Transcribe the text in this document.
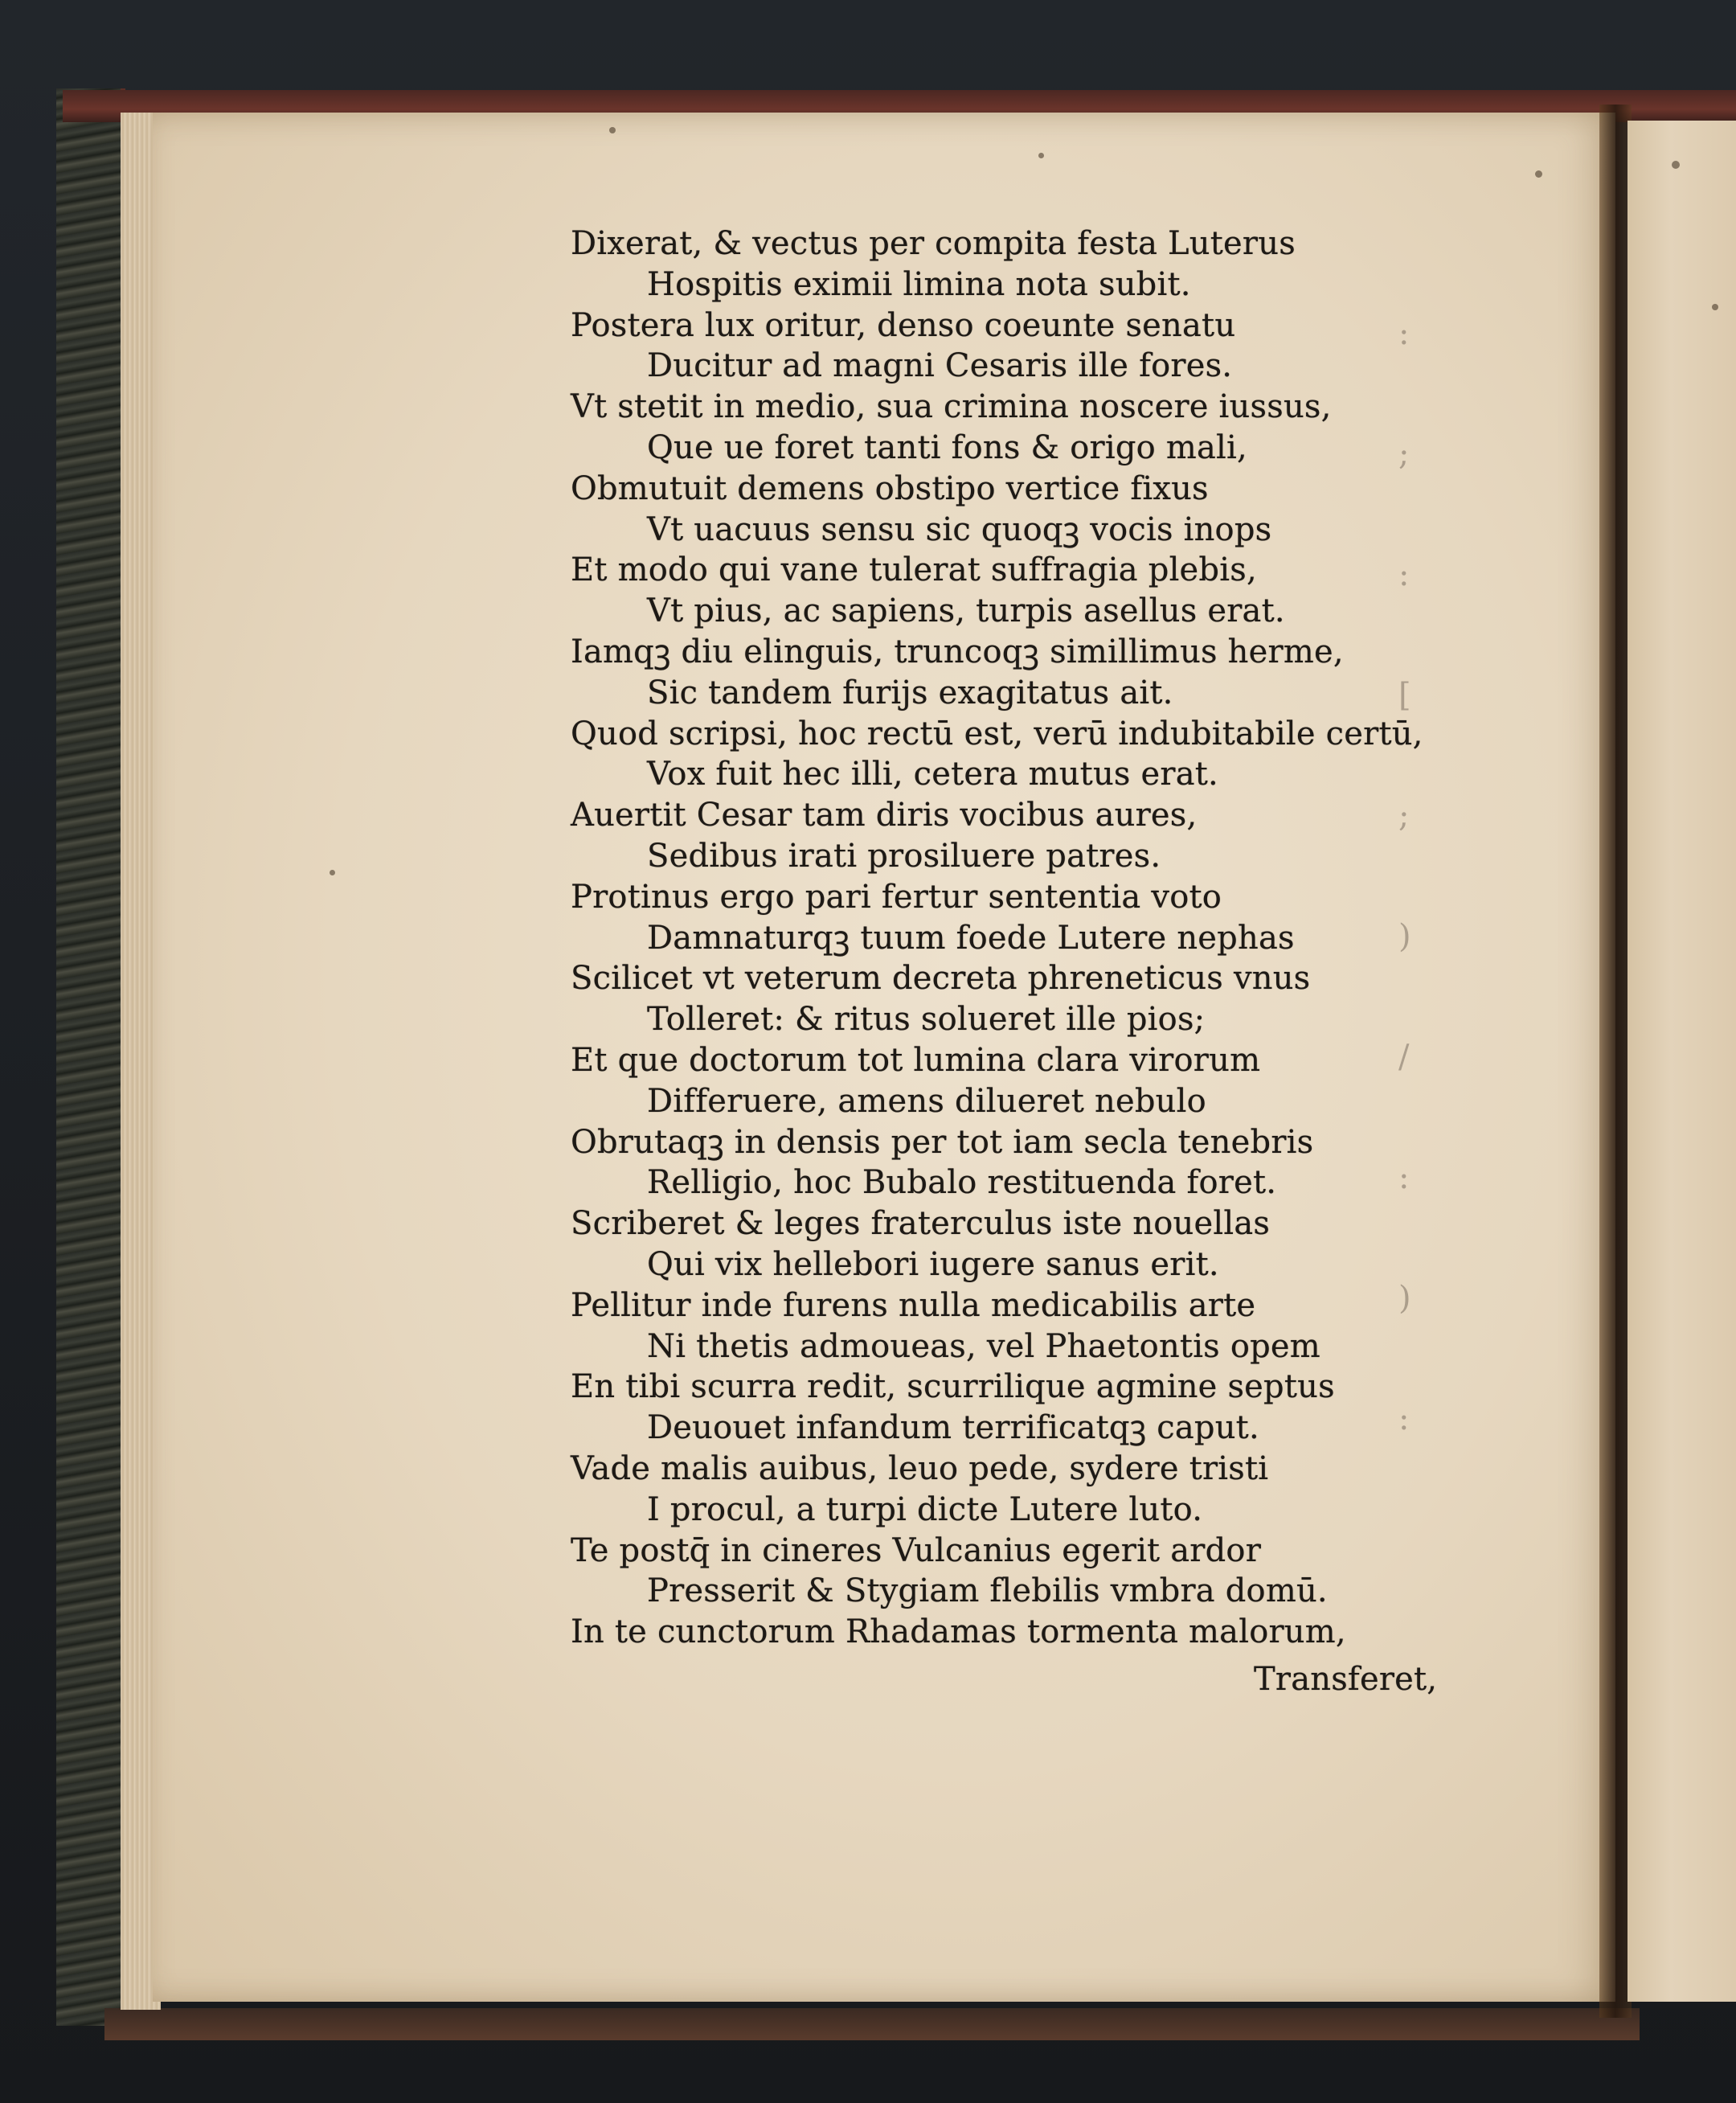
:
;
:
[
;
)
/
:
)
:
Dixerat, & vectus per compita festa Luterus
Hospitis eximii limina nota subit.
Postera lux oritur, denso coeunte senatu
Ducitur ad magni Cesaris ille fores.
Vt stetit in medio, sua crimina noscere iussus,
Que ue foret tanti fons & origo mali,
Obmutuit demens obstipo vertice fixus
Vt uacuus sensu sic quoqꝫ vocis inops
Et modo qui vane tulerat suffragia plebis,
Vt pius, ac sapiens, turpis asellus erat.
Iamqꝫ diu elinguis, truncoqꝫ simillimus herme,
Sic tandem furijs exagitatus ait.
Quod scripsi, hoc rectū est, verū indubitabile certū,
Vox fuit hec illi, cetera mutus erat.
Auertit Cesar tam diris vocibus aures,
Sedibus irati prosiluere patres.
Protinus ergo pari fertur sententia voto
Damnaturqꝫ tuum foede Lutere nephas
Scilicet vt veterum decreta phreneticus vnus
Tolleret: & ritus solueret ille pios;
Et que doctorum tot lumina clara virorum
Differuere, amens dilueret nebulo
Obrutaqꝫ in densis per tot iam secla tenebris
Relligio, hoc Bubalo restituenda foret.
Scriberet & leges fraterculus iste nouellas
Qui vix hellebori iugere sanus erit.
Pellitur inde furens nulla medicabilis arte
Ni thetis admoueas, vel Phaetontis opem
En tibi scurra redit, scurrilique agmine septus
Deuouet infandum terrificatqꝫ caput.
Vade malis auibus, leuo pede, sydere tristi
I procul, a turpi dicte Lutere luto.
Te postq̄ in cineres Vulcanius egerit ardor
Presserit & Stygiam flebilis vmbra domū.
In te cunctorum Rhadamas tormenta malorum,
Transferet,
